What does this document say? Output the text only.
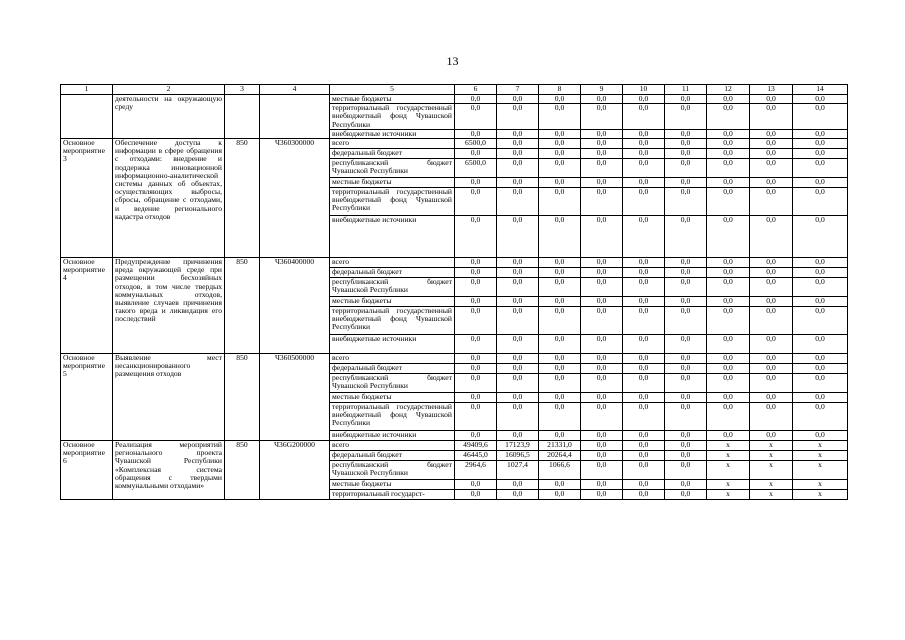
13
1	2	3	4	5	6	7	8	9	10	11	12	13	14
	деятельности на окружающую среду			местные бюджеты	0,0	0,0	0,0	0,0	0,0	0,0	0,0	0,0	0,0
				территориальный государственный внебюджетный фонд Чувашской Республики	0,0	0,0	0,0	0,0	0,0	0,0	0,0	0,0	0,0
				внебюджетные источники	0,0	0,0	0,0	0,0	0,0	0,0	0,0	0,0	0,0
Основное мероприятие 3	Обеспечение доступа к информации в сфере обращения с отходами: внедрение и поддержка инновационной информационно-аналитической системы данных об объектах, осуществляющих выбросы, сбросы, обращение с отходами, и ведение регионального кадастра отходов	850	Ч360300000	всего	6500,0	0,0	0,0	0,0	0,0	0,0	0,0	0,0	0,0
				федеральный бюджет	0,0	0,0	0,0	0,0	0,0	0,0	0,0	0,0	0,0
				республиканский бюджет Чувашской Республики	6500,0	0,0	0,0	0,0	0,0	0,0	0,0	0,0	0,0
				местные бюджеты	0,0	0,0	0,0	0,0	0,0	0,0	0,0	0,0	0,0
				территориальный государственный внебюджетный фонд Чувашской Республики	0,0	0,0	0,0	0,0	0,0	0,0	0,0	0,0	0,0
				внебюджетные источники	0,0	0,0	0,0	0,0	0,0	0,0	0,0	0,0	0,0
Основное мероприятие 4	Предупреждение причинения вреда окружающей среде при размещении бесхозяйных отходов, в том числе твердых коммунальных отходов, выявление случаев причинения такого вреда и ликвидация его последствий	850	Ч360400000	всего	0,0	0,0	0,0	0,0	0,0	0,0	0,0	0,0	0,0
				федеральный бюджет	0,0	0,0	0,0	0,0	0,0	0,0	0,0	0,0	0,0
				республиканский бюджет Чувашской Республики	0,0	0,0	0,0	0,0	0,0	0,0	0,0	0,0	0,0
				местные бюджеты	0,0	0,0	0,0	0,0	0,0	0,0	0,0	0,0	0,0
				территориальный государственный внебюджетный фонд Чувашской Республики	0,0	0,0	0,0	0,0	0,0	0,0	0,0	0,0	0,0
				внебюджетные источники	0,0	0,0	0,0	0,0	0,0	0,0	0,0	0,0	0,0
Основное мероприятие 5	Выявление мест несанкционированного размещения отходов	850	Ч360500000	всего	0,0	0,0	0,0	0,0	0,0	0,0	0,0	0,0	0,0
				федеральный бюджет	0,0	0,0	0,0	0,0	0,0	0,0	0,0	0,0	0,0
				республиканский бюджет Чувашской Республики	0,0	0,0	0,0	0,0	0,0	0,0	0,0	0,0	0,0
				местные бюджеты	0,0	0,0	0,0	0,0	0,0	0,0	0,0	0,0	0,0
				территориальный государственный внебюджетный фонд Чувашской Республики	0,0	0,0	0,0	0,0	0,0	0,0	0,0	0,0	0,0
				внебюджетные источники	0,0	0,0	0,0	0,0	0,0	0,0	0,0	0,0	0,0
Основное мероприятие 6	Реализация мероприятий регионального проекта Чувашской Республики «Комплексная система обращения с твердыми коммунальными отходами»	850	Ч36G200000	всего	49409,6	17123,9	21331,0	0,0	0,0	0,0	x	x	x
				федеральный бюджет	46445,0	16096,5	20264,4	0,0	0,0	0,0	x	x	x
				республиканский бюджет Чувашской Республики	2964,6	1027,4	1066,6	0,0	0,0	0,0	x	x	x
				местные бюджеты	0,0	0,0	0,0	0,0	0,0	0,0	x	x	x
				территориальный государст-	0,0	0,0	0,0	0,0	0,0	0,0	x	x	x
